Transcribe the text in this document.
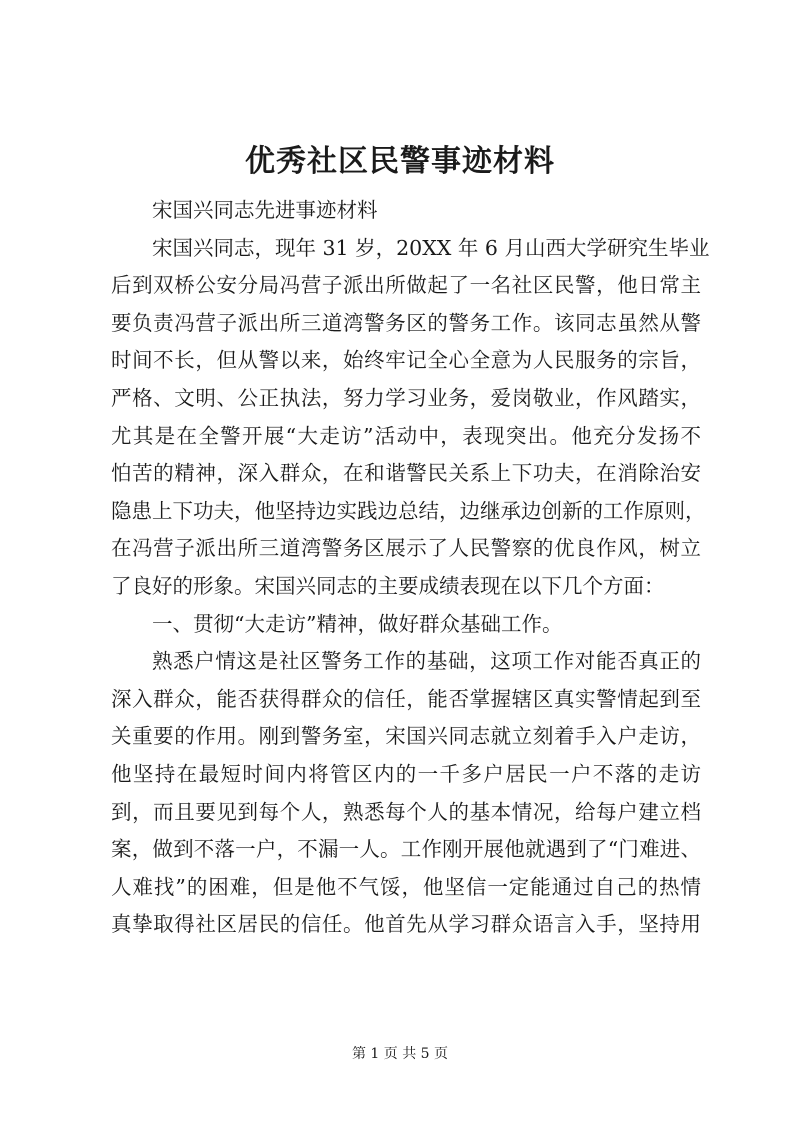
优秀社区民警事迹材料
宋国兴同志先进事迹材料
宋国兴同志，现年 31 岁，20XX 年 6 月山西大学研究生毕业
后到双桥公安分局冯营子派出所做起了一名社区民警，他日常主
要负责冯营子派出所三道湾警务区的警务工作。该同志虽然从警
时间不长，但从警以来，始终牢记全心全意为人民服务的宗旨，
严格、文明、公正执法，努力学习业务，爱岗敬业，作风踏实，
尤其是在全警开展“大走访”活动中，表现突出。他充分发扬不
怕苦的精神，深入群众，在和谐警民关系上下功夫，在消除治安
隐患上下功夫，他坚持边实践边总结，边继承边创新的工作原则，
在冯营子派出所三道湾警务区展示了人民警察的优良作风，树立
了良好的形象。宋国兴同志的主要成绩表现在以下几个方面：
一、贯彻“大走访”精神，做好群众基础工作。
熟悉户情这是社区警务工作的基础，这项工作对能否真正的
深入群众，能否获得群众的信任，能否掌握辖区真实警情起到至
关重要的作用。刚到警务室，宋国兴同志就立刻着手入户走访，
他坚持在最短时间内将管区内的一千多户居民一户不落的走访
到，而且要见到每个人，熟悉每个人的基本情况，给每户建立档
案，做到不落一户，不漏一人。工作刚开展他就遇到了“门难进、
人难找”的困难，但是他不气馁，他坚信一定能通过自己的热情
真挚取得社区居民的信任。他首先从学习群众语言入手，坚持用
第 1 页 共 5 页
